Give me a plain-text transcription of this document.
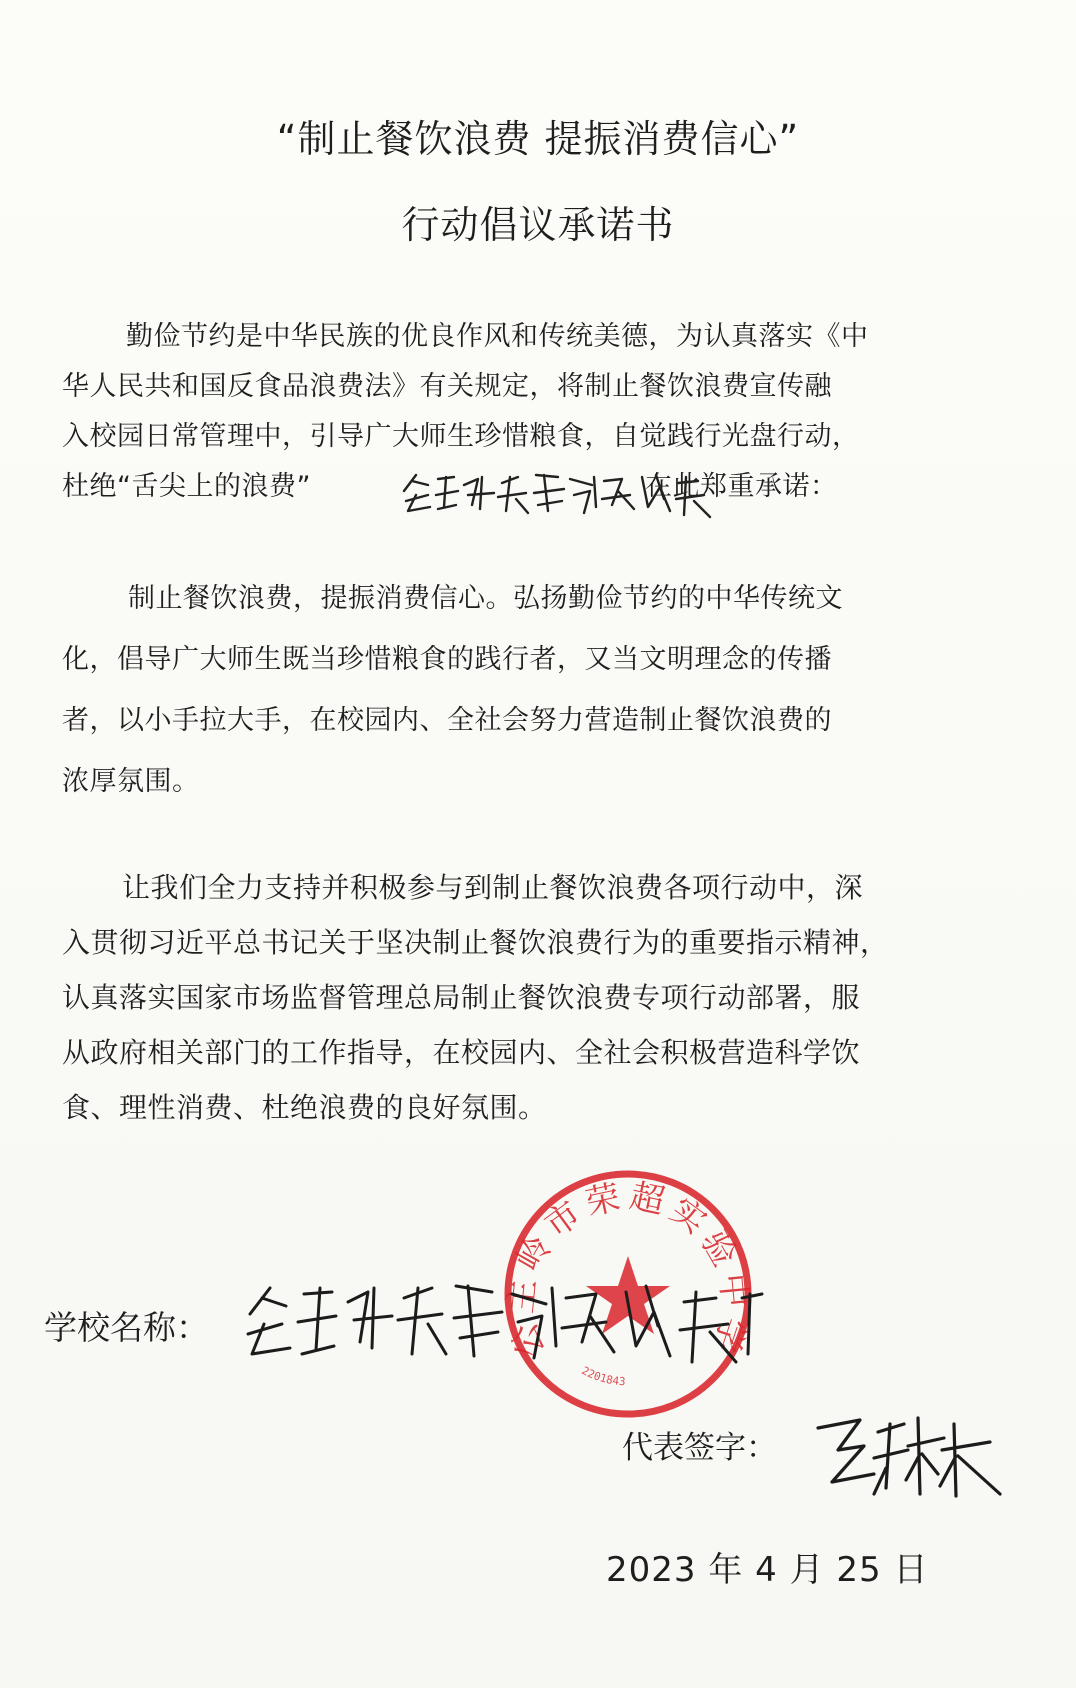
“制止餐饮浪费 提振消费信心”
行动倡议承诺书
勤俭节约是中华民族的优良作风和传统美德，为认真落实《中
华人民共和国反食品浪费法》有关规定，将制止餐饮浪费宣传融
入校园日常管理中，引导广大师生珍惜粮食，自觉践行光盘行动，
杜绝“舌尖上的浪费”	在此郑重承诺：
制止餐饮浪费，提振消费信心。弘扬勤俭节约的中华传统文
化，倡导广大师生既当珍惜粮食的践行者，又当文明理念的传播
者，以小手拉大手，在校园内、全社会努力营造制止餐饮浪费的
浓厚氛围。
让我们全力支持并积极参与到制止餐饮浪费各项行动中，深
入贯彻习近平总书记关于坚决制止餐饮浪费行为的重要指示精神，
认真落实国家市场监督管理总局制止餐饮浪费专项行动部署，服
从政府相关部门的工作指导，在校园内、全社会积极营造科学饮
食、理性消费、杜绝浪费的良好氛围。
公主岭市荣超实验中学
2201843
学校名称：
代表签字：
2023 年 4 月 25 日
